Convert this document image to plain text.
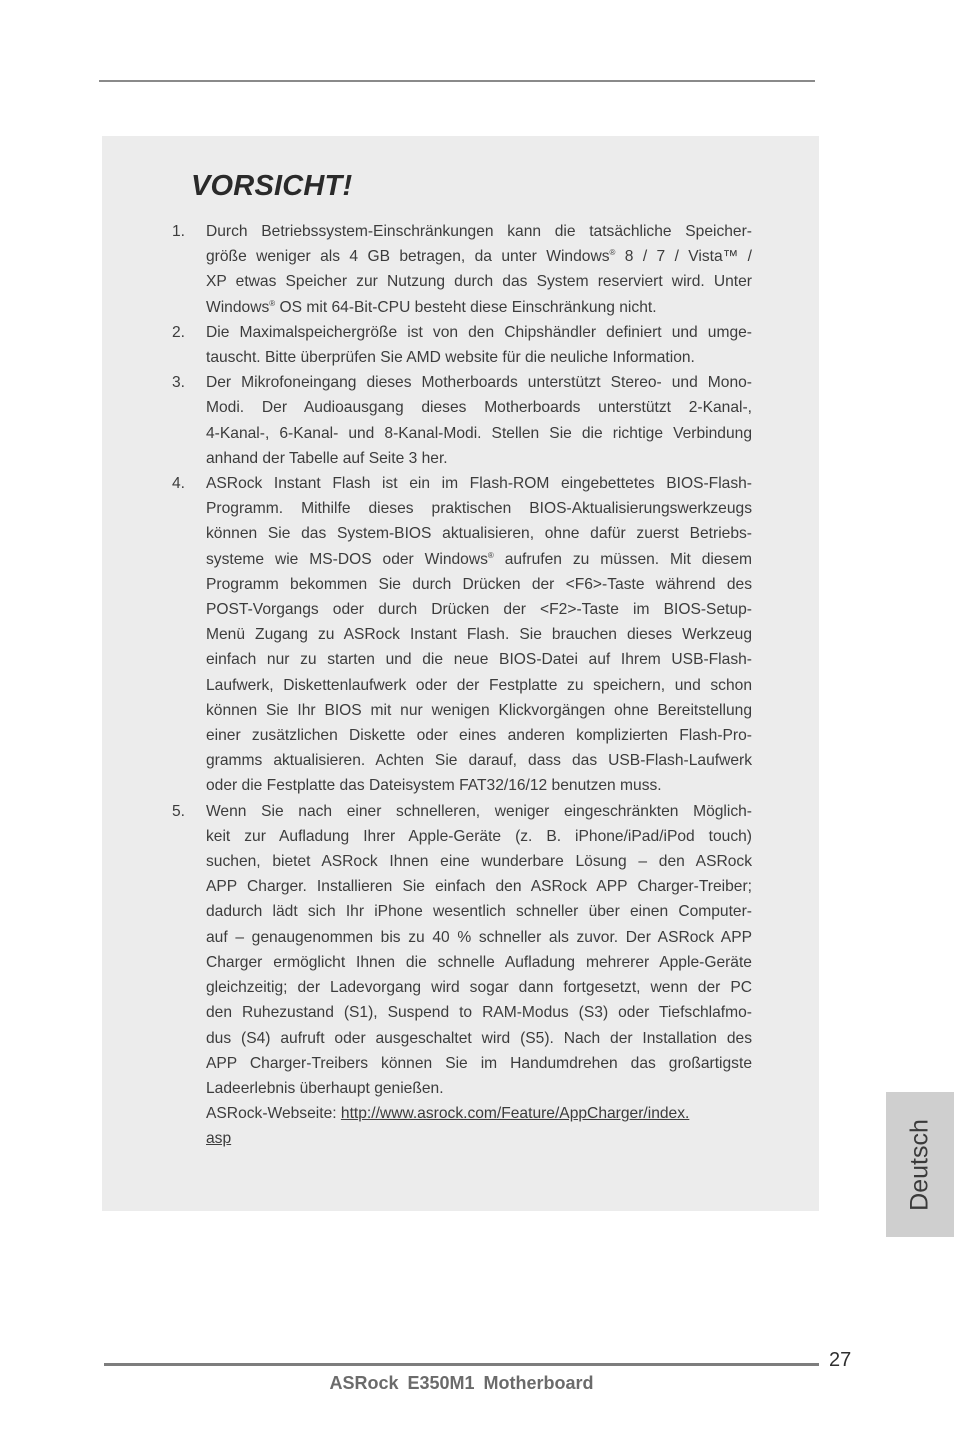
VORSICHT!
1. Durch Betriebssystem-Einschränkungen kann die tatsächliche Speicher-
größe weniger als 4 GB betragen, da unter Windows® 8 / 7 / Vista™ /
XP etwas Speicher zur Nutzung durch das System reserviert wird. Unter
Windows® OS mit 64-Bit-CPU besteht diese Einschränkung nicht.
2. Die Maximalspeichergröße ist von den Chipshändler definiert und umge-
tauscht. Bitte überprüfen Sie AMD website für die neuliche Information.
3. Der Mikrofoneingang dieses Motherboards unterstützt Stereo- und Mono-
Modi. Der Audioausgang dieses Motherboards unterstützt 2-Kanal-,
4-Kanal-, 6-Kanal- und 8-Kanal-Modi. Stellen Sie die richtige Verbindung
anhand der Tabelle auf Seite 3 her.
4. ASRock Instant Flash ist ein im Flash-ROM eingebettetes BIOS-Flash-
Programm. Mithilfe dieses praktischen BIOS-Aktualisierungswerkzeugs
können Sie das System-BIOS aktualisieren, ohne dafür zuerst Betriebs-
systeme wie MS-DOS oder Windows® aufrufen zu müssen. Mit diesem
Programm bekommen Sie durch Drücken der <F6>-Taste während des
POST-Vorgangs oder durch Drücken der <F2>-Taste im BIOS-Setup-
Menü Zugang zu ASRock Instant Flash. Sie brauchen dieses Werkzeug
einfach nur zu starten und die neue BIOS-Datei auf Ihrem USB-Flash-
Laufwerk, Diskettenlaufwerk oder der Festplatte zu speichern, und schon
können Sie Ihr BIOS mit nur wenigen Klickvorgängen ohne Bereitstellung
einer zusätzlichen Diskette oder eines anderen komplizierten Flash-Pro-
gramms aktualisieren. Achten Sie darauf, dass das USB-Flash-Laufwerk
oder die Festplatte das Dateisystem FAT32/16/12 benutzen muss.
5. Wenn Sie nach einer schnelleren, weniger eingeschränkten Möglich-
keit zur Aufladung Ihrer Apple-Geräte (z. B. iPhone/iPad/iPod touch)
suchen, bietet ASRock Ihnen eine wunderbare Lösung – den ASRock
APP Charger. Installieren Sie einfach den ASRock APP Charger-Treiber;
dadurch lädt sich Ihr iPhone wesentlich schneller über einen Computer-
auf – genaugenommen bis zu 40 % schneller als zuvor. Der ASRock APP
Charger ermöglicht Ihnen die schnelle Aufladung mehrerer Apple-Geräte
gleichzeitig; der Ladevorgang wird sogar dann fortgesetzt, wenn der PC
den Ruhezustand (S1), Suspend to RAM-Modus (S3) oder Tiefschlafmo-
dus (S4) aufruft oder ausgeschaltet wird (S5). Nach der Installation des
APP Charger-Treibers können Sie im Handumdrehen das großartigste
Ladeerlebnis überhaupt genießen.
ASRock-Webseite: http://www.asrock.com/Feature/AppCharger/index.
asp	Deutsch
27
ASRock E350M1 Motherboard
